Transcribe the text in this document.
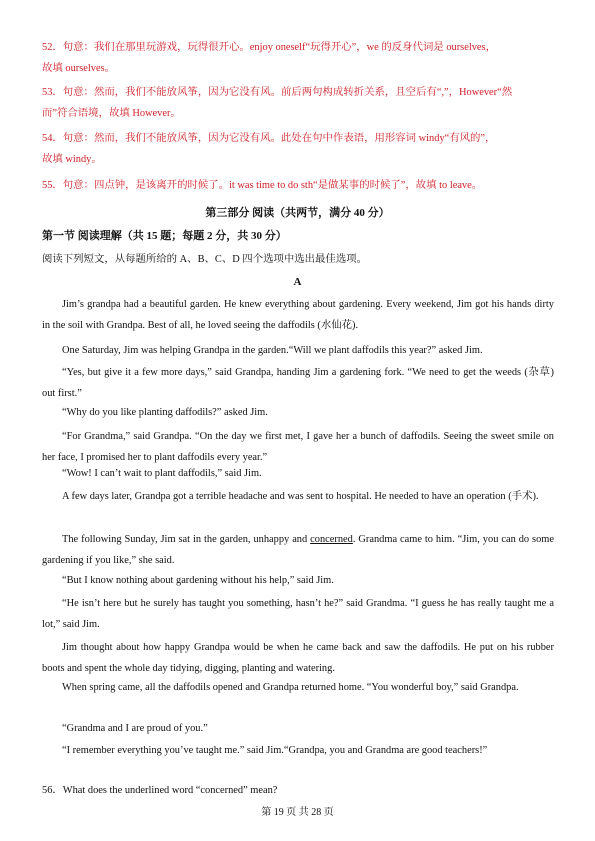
52．句意：我们在那里玩游戏，玩得很开心。enjoy oneself“玩得开心”，we 的反身代词是 ourselves，
故填 ourselves。
53．句意：然而，我们不能放风筝，因为它没有风。前后两句构成转折关系，且空后有“,”，However“然
而”符合语境，故填 However。
54．句意：然而，我们不能放风筝，因为它没有风。此处在句中作表语，用形容词 windy“有风的”，
故填 windy。
55．句意：四点钟，是该离开的时候了。it was time to do sth“是做某事的时候了”，故填 to leave。
第三部分 阅读（共两节，满分 40 分）
第一节 阅读理解（共 15 题；每题 2 分，共 30 分）
阅读下列短文，从每题所给的 A、B、C、D 四个选项中选出最佳选项。
A

Jim’s grandpa had a beautiful garden. He knew everything about gardening. Every weekend, Jim got his hands dirty in the soil with Grandpa. Best of all, he loved seeing the daffodils (水仙花).

One Saturday, Jim was helping Grandpa in the garden.“Will we plant daffodils this year?” asked Jim.

“Yes, but give it a few more days,” said Grandpa, handing Jim a gardening fork. “We need to get the weeds (杂草) out first.”

“Why do you like planting daffodils?” asked Jim.

“For Grandma,” said Grandpa. “On the day we first met, I gave her a bunch of daffodils. Seeing the sweet smile on her face, I promised her to plant daffodils every year.”

“Wow! I can’t wait to plant daffodils,” said Jim.

A few days later, Grandpa got a terrible headache and was sent to hospital. He needed to have an operation (手术).

The following Sunday, Jim sat in the garden, unhappy and concerned. Grandma came to him. “Jim, you can do some gardening if you like,” she said.

“But I know nothing about gardening without his help,” said Jim.

“He isn’t here but he surely has taught you something, hasn’t he?” said Grandma. “I guess he has really taught me a lot,” said Jim.

Jim thought about how happy Grandpa would be when he came back and saw the daffodils. He put on his rubber boots and spent the whole day tidying, digging, planting and watering.

When spring came, all the daffodils opened and Grandpa returned home. “You wonderful boy,” said Grandpa.

“Grandma and I are proud of you.”

“I remember everything you’ve taught me.” said Jim.“Grandpa, you and Grandma are good teachers!”

56．What does the underlined word “concerned” mean?
第 19 页 共 28 页
